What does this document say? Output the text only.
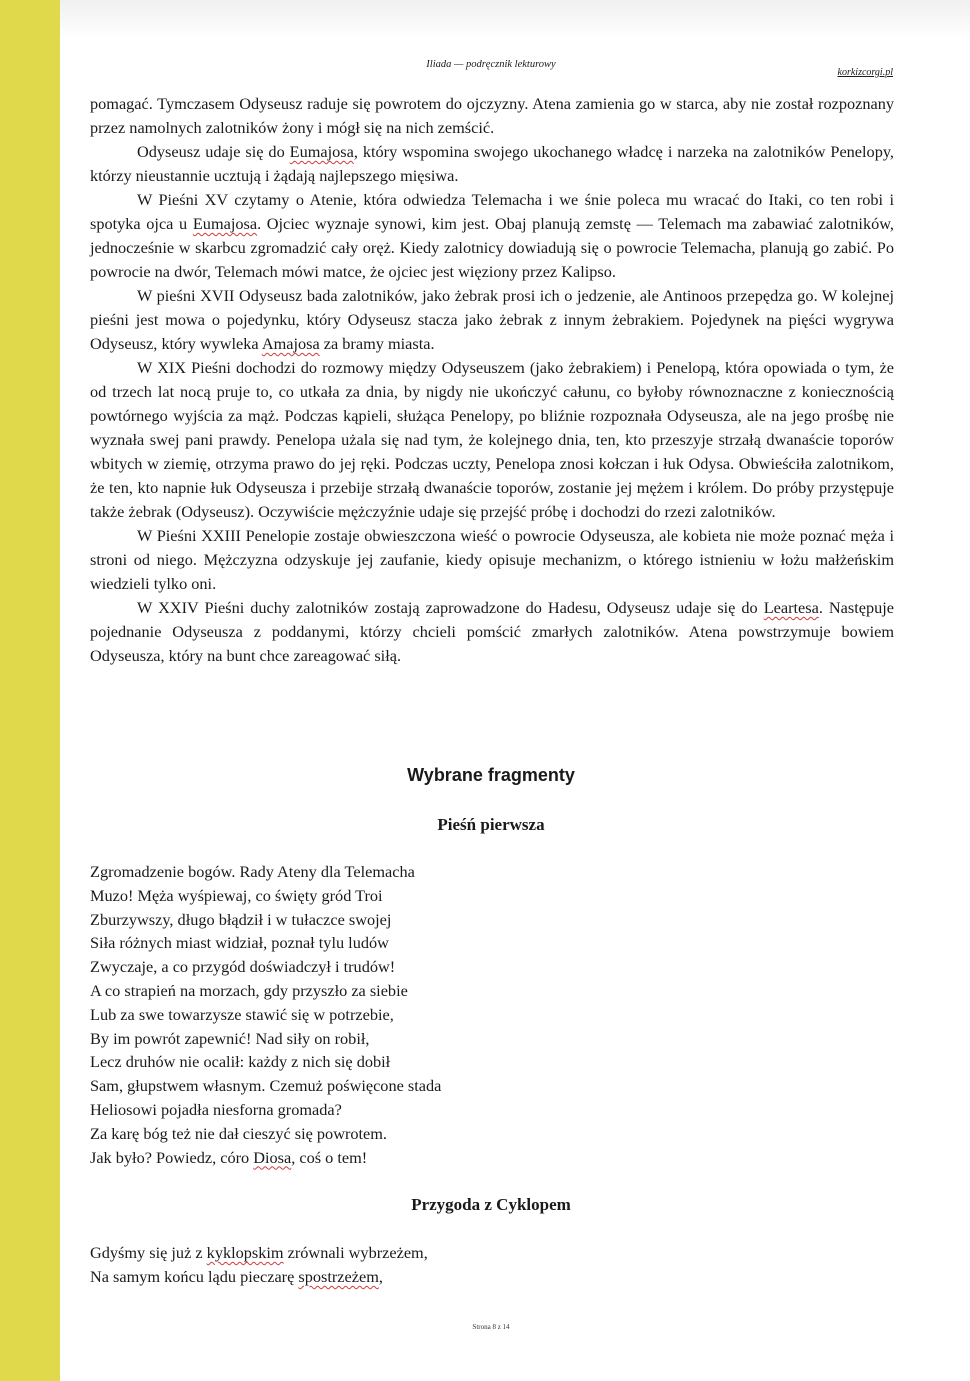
Iliada — podręcznik lekturowy
korkizcorgi.pl

pomagać. Tymczasem Odyseusz raduje się powrotem do ojczyzny. Atena zamienia go w starca, aby nie został rozpoznany przez namolnych zalotników żony i mógł się na nich zemścić.

Odyseusz udaje się do Eumajosa, który wspomina swojego ukochanego władcę i narzeka na zalotników Penelopy, którzy nieustannie ucztują i żądają najlepszego mięsiwa.

W Pieśni XV czytamy o Atenie, która odwiedza Telemacha i we śnie poleca mu wracać do Itaki, co ten robi i spotyka ojca u Eumajosa. Ojciec wyznaje synowi, kim jest. Obaj planują zemstę — Telemach ma zabawiać zalotników, jednocześnie w skarbcu zgromadzić cały oręż. Kiedy zalotnicy dowiadują się o powrocie Telemacha, planują go zabić. Po powrocie na dwór, Telemach mówi matce, że ojciec jest więziony przez Kalipso.

W pieśni XVII Odyseusz bada zalotników, jako żebrak prosi ich o jedzenie, ale Antinoos przepędza go. W kolejnej pieśni jest mowa o pojedynku, który Odyseusz stacza jako żebrak z innym żebrakiem. Pojedynek na pięści wygrywa Odyseusz, który wywleka Amajosa za bramy miasta.

W XIX Pieśni dochodzi do rozmowy między Odyseuszem (jako żebrakiem) i Penelopą, która opowiada o tym, że od trzech lat nocą pruje to, co utkała za dnia, by nigdy nie ukończyć całunu, co byłoby równoznaczne z koniecznością powtórnego wyjścia za mąż. Podczas kąpieli, służąca Penelopy, po bliźnie rozpoznała Odyseusza, ale na jego prośbę nie wyznała swej pani prawdy. Penelopa użala się nad tym, że kolejnego dnia, ten, kto przeszyje strzałą dwanaście toporów wbitych w ziemię, otrzyma prawo do jej ręki. Podczas uczty, Penelopa znosi kołczan i łuk Odysa. Obwieściła zalotnikom, że ten, kto napnie łuk Odyseusza i przebije strzałą dwanaście toporów, zostanie jej mężem i królem. Do próby przystępuje także żebrak (Odyseusz). Oczywiście mężczyźnie udaje się przejść próbę i dochodzi do rzezi zalotników.

W Pieśni XXIII Penelopie zostaje obwieszczona wieść o powrocie Odyseusza, ale kobieta nie może poznać męża i stroni od niego. Mężczyzna odzyskuje jej zaufanie, kiedy opisuje mechanizm, o którego istnieniu w łożu małżeńskim wiedzieli tylko oni.

W XXIV Pieśni duchy zalotników zostają zaprowadzone do Hadesu, Odyseusz udaje się do Leartesa. Następuje pojednanie Odyseusza z poddanymi, którzy chcieli pomścić zmarłych zalotników. Atena powstrzymuje bowiem Odyseusza, który na bunt chce zareagować siłą.

Wybrane fragmenty
Pieśń pierwsza
Zgromadzenie bogów. Rady Ateny dla Telemacha
Muzo! Męża wyśpiewaj, co święty gród Troi
Zburzywszy, długo błądził i w tułaczce swojej
Siła różnych miast widział, poznał tylu ludów
Zwyczaje, a co przygód doświadczył i trudów!
A co strapień na morzach, gdy przyszło za siebie
Lub za swe towarzysze stawić się w potrzebie,
By im powrót zapewnić! Nad siły on robił,
Lecz druhów nie ocalił: każdy z nich się dobił
Sam, głupstwem własnym. Czemuż poświęcone stada
Heliosowi pojadła niesforna gromada?
Za karę bóg też nie dał cieszyć się powrotem.
Jak było? Powiedz, córo Diosa, coś o tem!
Przygoda z Cyklopem
Gdyśmy się już z kyklopskim zrównali wybrzeżem,
Na samym końcu lądu pieczarę spostrzeżem,
Strona 8 z 14
